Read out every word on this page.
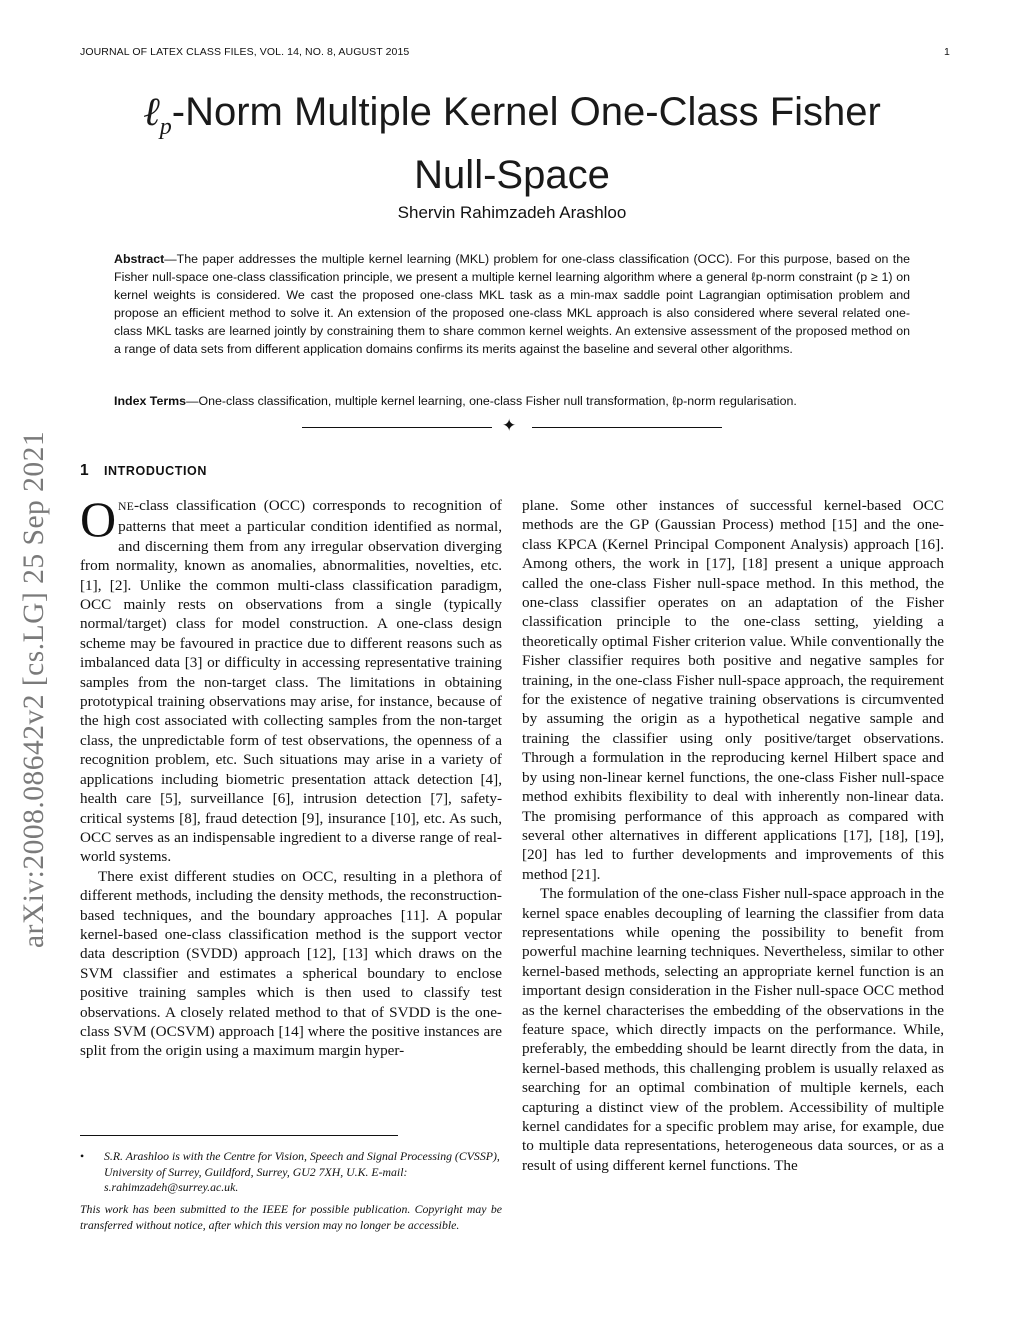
JOURNAL OF LATEX CLASS FILES, VOL. 14, NO. 8, AUGUST 2015	1
ℓ$_p$-Norm Multiple Kernel One-Class Fisher
Null-Space
Shervin Rahimzadeh Arashloo
Abstract—The paper addresses the multiple kernel learning (MKL) problem for one-class classification (OCC). For this purpose, based on the Fisher null-space one-class classification principle, we present a multiple kernel learning algorithm where a general ℓp-norm constraint (p ≥ 1) on kernel weights is considered. We cast the proposed one-class MKL task as a min-max saddle point Lagrangian optimisation problem and propose an efficient method to solve it. An extension of the proposed one-class MKL approach is also considered where several related one-class MKL tasks are learned jointly by constraining them to share common kernel weights. An extensive assessment of the proposed method on a range of data sets from different application domains confirms its merits against the baseline and several other algorithms.
Index Terms—One-class classification, multiple kernel learning, one-class Fisher null transformation, ℓp-norm regularisation.
✦
1 INTRODUCTION

ONE-class classification (OCC) corresponds to recognition of patterns that meet a particular condition identified as normal, and discerning them from any irregular observation diverging from normality, known as anomalies, abnormalities, novelties, etc. [1], [2]. Unlike the common multi-class classification paradigm, OCC mainly rests on observations from a single (typically normal/target) class for model construction. A one-class design scheme may be favoured in practice due to different reasons such as imbalanced data [3] or difficulty in accessing representative training samples from the non-target class. The limitations in obtaining prototypical training observations may arise, for instance, because of the high cost associated with collecting samples from the non-target class, the unpredictable form of test observations, the openness of a recognition problem, etc. Such situations may arise in a variety of applications including biometric presentation attack detection [4], health care [5], surveillance [6], intrusion detection [7], safety-critical systems [8], fraud detection [9], insurance [10], etc. As such, OCC serves as an indispensable ingredient to a diverse range of real-world systems.

There exist different studies on OCC, resulting in a plethora of different methods, including the density methods, the reconstruction-based techniques, and the boundary approaches [11]. A popular kernel-based one-class classification method is the support vector data description (SVDD) approach [12], [13] which draws on the SVM classifier and estimates a spherical boundary to enclose positive training samples which is then used to classify test observations. A closely related method to that of SVDD is the one-class SVM (OCSVM) approach [14] where the positive instances are split from the origin using a maximum margin hyper-

• S.R. Arashloo is with the Centre for Vision, Speech and Signal Processing (CVSSP), University of Surrey, Guildford, Surrey, GU2 7XH, U.K. E-mail: s.rahimzadeh@surrey.ac.uk.
This work has been submitted to the IEEE for possible publication. Copyright may be transferred without notice, after which this version may no longer be accessible.

plane. Some other instances of successful kernel-based OCC methods are the GP (Gaussian Process) method [15] and the one-class KPCA (Kernel Principal Component Analysis) approach [16]. Among others, the work in [17], [18] present a unique approach called the one-class Fisher null-space method. In this method, the one-class classifier operates on an adaptation of the Fisher classification principle to the one-class setting, yielding a theoretically optimal Fisher criterion value. While conventionally the Fisher classifier requires both positive and negative samples for training, in the one-class Fisher null-space approach, the requirement for the existence of negative training observations is circumvented by assuming the origin as a hypothetical negative sample and training the classifier using only positive/target observations. Through a formulation in the reproducing kernel Hilbert space and by using non-linear kernel functions, the one-class Fisher null-space method exhibits flexibility to deal with inherently non-linear data. The promising performance of this approach as compared with several other alternatives in different applications [17], [18], [19], [20] has led to further developments and improvements of this method [21].

The formulation of the one-class Fisher null-space approach in the kernel space enables decoupling of learning the classifier from data representations while opening the possibility to benefit from powerful machine learning techniques. Nevertheless, similar to other kernel-based methods, selecting an appropriate kernel function is an important design consideration in the Fisher null-space OCC method as the kernel characterises the embedding of the observations in the feature space, which directly impacts on the performance. While, preferably, the embedding should be learnt directly from the data, in kernel-based methods, this challenging problem is usually relaxed as searching for an optimal combination of multiple kernels, each capturing a distinct view of the problem. Accessibility of multiple kernel candidates for a specific problem may arise, for example, due to multiple data representations, heterogeneous data sources, or as a result of using different kernel functions. The

arXiv:2008.08642v2 [cs.LG] 25 Sep 2021
